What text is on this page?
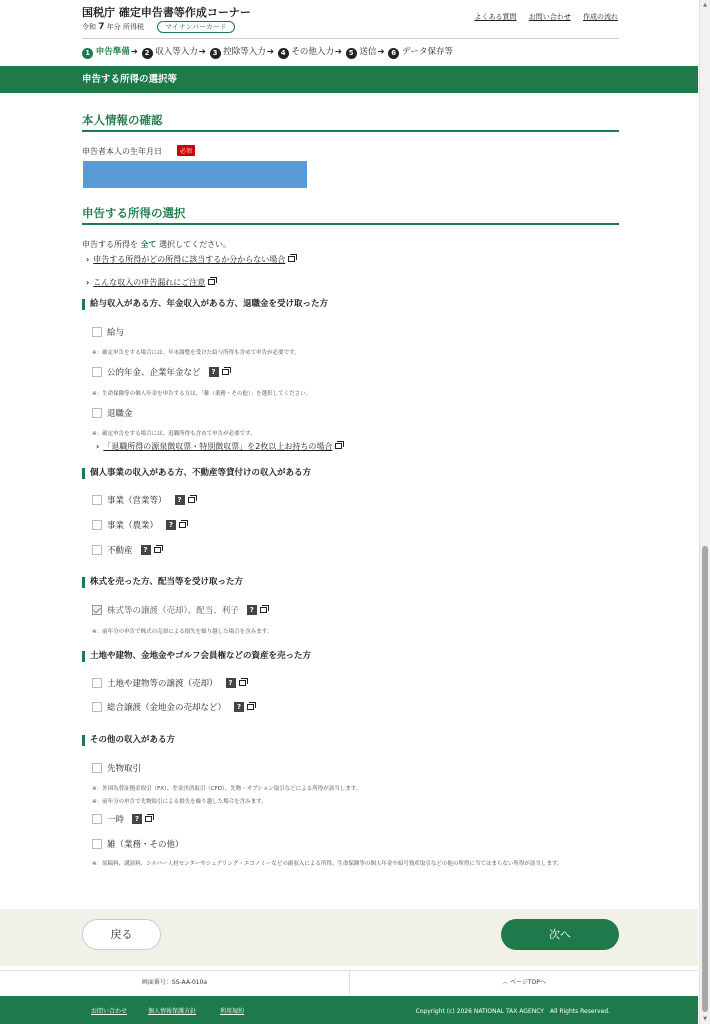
国税庁 確定申告書等作成コーナー
令和 7 年分 所得税	マイナンバーカード
よくある質問 お問い合わせ 作成の流れ
1 申告準備➔ 2 収入等入力➔ 3 控除等入力➔ 4 その他入力➔ 5 送信➔ 6 データ保存等
申告する所得の選択等
本人情報の確認
申告者本人の生年月日	必須
申告する所得の選択
申告する所得を 全て 選択してください。
› 申告する所得がどの所得に該当するか分からない場合
› こんな収入の申告漏れにご注意
給与収入がある方、年金収入がある方、退職金を受け取った方
給与
※：確定申告をする場合には、年末調整を受けた給与所得も含めて申告が必要です。
公的年金、企業年金など	?
※：生命保険等の個人年金を申告する方は、「雑（業務・その他）」を選択してください。
退職金
※：確定申告をする場合には、退職所得も含めて申告が必要です。
› 「退職所得の源泉徴収票・特別徴収票」を2枚以上お持ちの場合
個人事業の収入がある方、不動産等貸付けの収入がある方
事業（営業等）	?
事業（農業）	?
不動産	?
株式を売った方、配当等を受け取った方
株式等の譲渡（売却）、配当、利子	?
※：前年分の申告で株式の売却による損失を繰り越した場合を含みます。
土地や建物、金地金やゴルフ会員権などの資産を売った方
土地や建物等の譲渡（売却）	?
総合譲渡（金地金の売却など）	?
その他の収入がある方
先物取引
※：外国為替証拠金取引（FX）、差金決済取引（CFD）、先物・オプション取引などによる所得が該当します。
※：前年分の申告で先物取引による損失を繰り越した場合を含みます。
一時	?
雑（業務・その他）
※：原稿料、講演料、シルバー人材センターやシェアリング・エコノミーなどの副収入による所得、生命保険等の個人年金や暗号資産取引などの他の所得に当てはまらない所得が該当します。
戻る	次へ
画面番号：SS-AA-010a	︿ ページTOPへ
お問い合わせ	個人情報保護方針	利用規約	Copyright (c) 2026 NATIONAL TAX AGENCY　All Rights Reserved.
▲
▼
